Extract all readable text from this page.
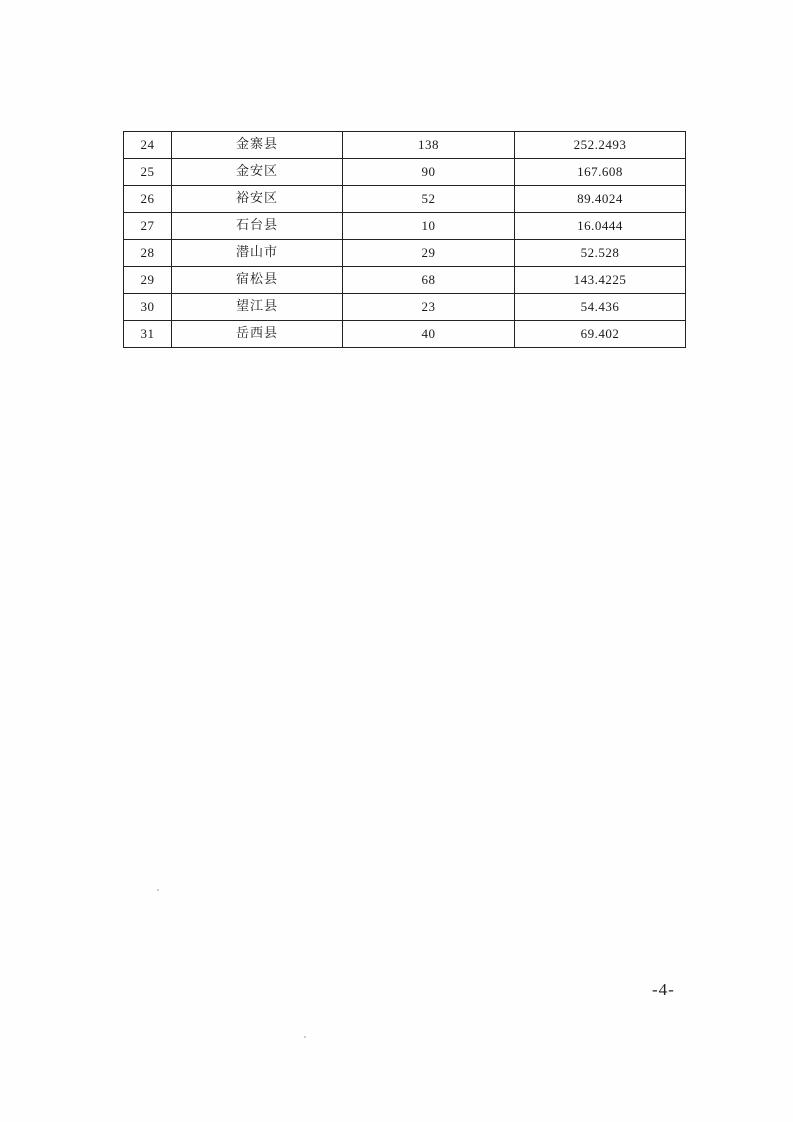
24	金寨县	138	252.2493
25	金安区	90	167.608
26	裕安区	52	89.4024
27	石台县	10	16.0444
28	潜山市	29	52.528
29	宿松县	68	143.4225
30	望江县	23	54.436
31	岳西县	40	69.402
-4-
